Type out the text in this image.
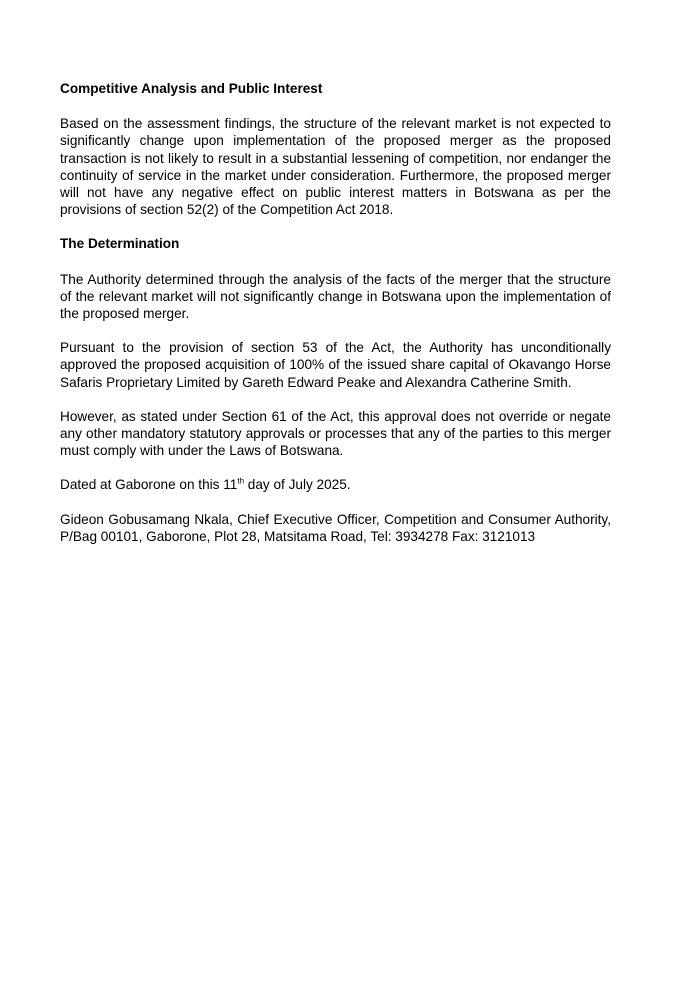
Competitive Analysis and Public Interest

Based on the assessment findings, the structure of the relevant market is not expected to significantly change upon implementation of the proposed merger as the proposed transaction is not likely to result in a substantial lessening of competition, nor endanger the continuity of service in the market under consideration. Furthermore, the proposed merger will not have any negative effect on public interest matters in Botswana as per the provisions of section 52(2) of the Competition Act 2018.

The Determination

The Authority determined through the analysis of the facts of the merger that the structure of the relevant market will not significantly change in Botswana upon the implementation of the proposed merger.

Pursuant to the provision of section 53 of the Act, the Authority has unconditionally approved the proposed acquisition of 100% of the issued share capital of Okavango Horse Safaris Proprietary Limited by Gareth Edward Peake and Alexandra Catherine Smith.

However, as stated under Section 61 of the Act, this approval does not override or negate any other mandatory statutory approvals or processes that any of the parties to this merger must comply with under the Laws of Botswana.

Dated at Gaborone on this 11th day of July 2025.

Gideon Gobusamang Nkala, Chief Executive Officer, Competition and Consumer Authority, P/Bag 00101, Gaborone, Plot 28, Matsitama Road, Tel: 3934278 Fax: 3121013
